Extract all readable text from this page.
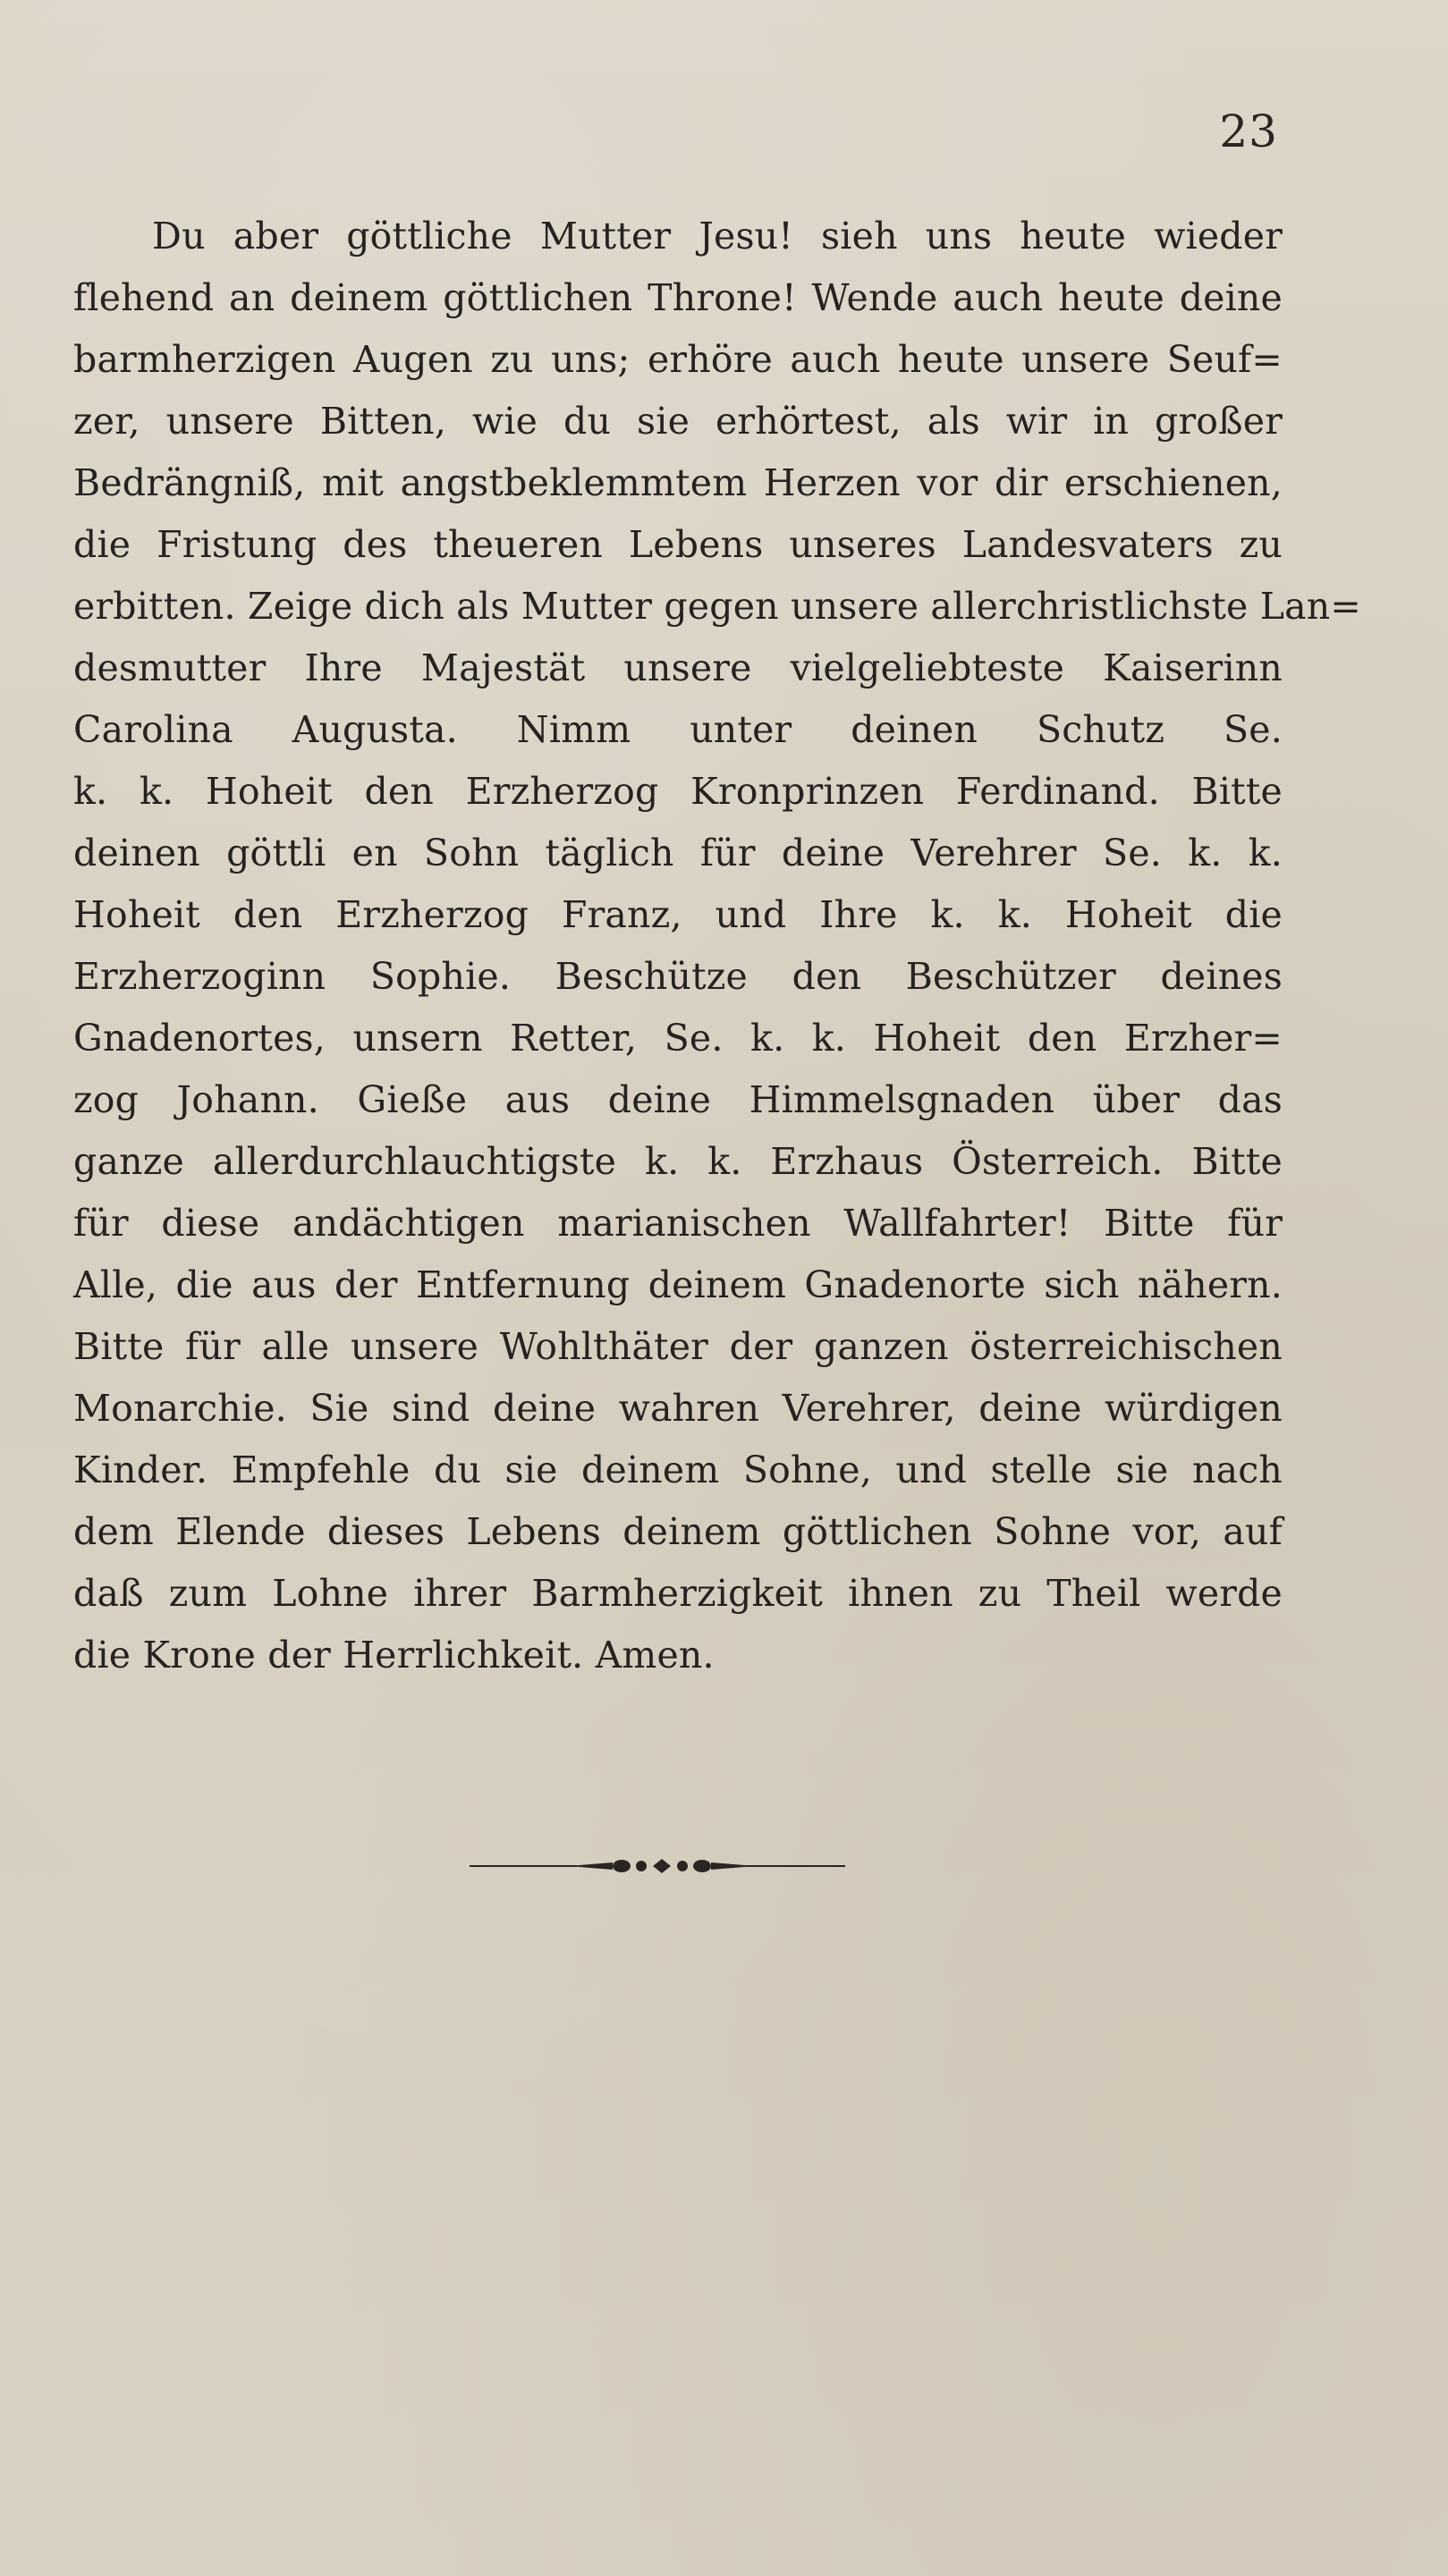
23
Du aber göttliche Mutter Jesu! sieh uns heute wieder
flehend an deinem göttlichen Throne! Wende auch heute deine
barmherzigen Augen zu uns; erhöre auch heute unsere Seuf=
zer, unsere Bitten, wie du sie erhörtest, als wir in großer
Bedrängniß, mit angstbeklemmtem Herzen vor dir erschienen,
die Fristung des theueren Lebens unseres Landesvaters zu
erbitten. Zeige dich als Mutter gegen unsere allerchristlichste Lan=
desmutter Ihre Majestät unsere vielgeliebteste Kaiserinn
Carolina Augusta. Nimm unter deinen Schutz Se.
k. k. Hoheit den Erzherzog Kronprinzen Ferdinand. Bitte
deinen göttli en Sohn täglich für deine Verehrer Se. k. k.
Hoheit den Erzherzog Franz, und Ihre k. k. Hoheit die
Erzherzoginn Sophie. Beschütze den Beschützer deines
Gnadenortes, unsern Retter, Se. k. k. Hoheit den Erzher=
zog Johann. Gieße aus deine Himmelsgnaden über das
ganze allerdurchlauchtigste k. k. Erzhaus Österreich. Bitte
für diese andächtigen marianischen Wallfahrter! Bitte für
Alle, die aus der Entfernung deinem Gnadenorte sich nähern.
Bitte für alle unsere Wohlthäter der ganzen österreichischen
Monarchie. Sie sind deine wahren Verehrer, deine würdigen
Kinder. Empfehle du sie deinem Sohne, und stelle sie nach
dem Elende dieses Lebens deinem göttlichen Sohne vor, auf
daß zum Lohne ihrer Barmherzigkeit ihnen zu Theil werde
die Krone der Herrlichkeit. Amen.
